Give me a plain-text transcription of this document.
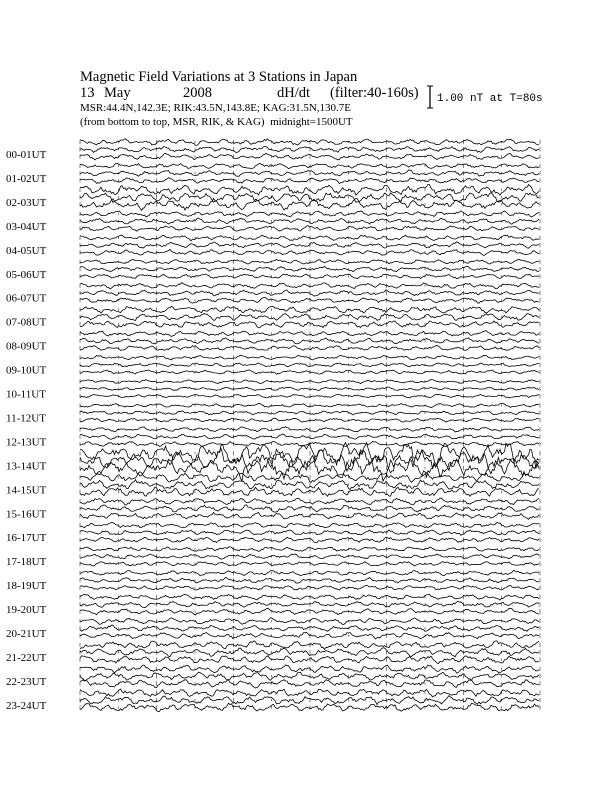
Magnetic Field Variations at 3 Stations in Japan
13 May	2008	dH/dt (filter:40-160s)
MSR:44.4N,142.3E; RIK:43.5N,143.8E; KAG:31.5N,130.7E
(from bottom to top, MSR, RIK, & KAG) midnight=1500UT
1.00 nT at T=80s
00-01UT
01-02UT
02-03UT
03-04UT
04-05UT
05-06UT
06-07UT
07-08UT
08-09UT
09-10UT
10-11UT
11-12UT
12-13UT
13-14UT
14-15UT
15-16UT
16-17UT
17-18UT
18-19UT
19-20UT
20-21UT
21-22UT
22-23UT
23-24UT
